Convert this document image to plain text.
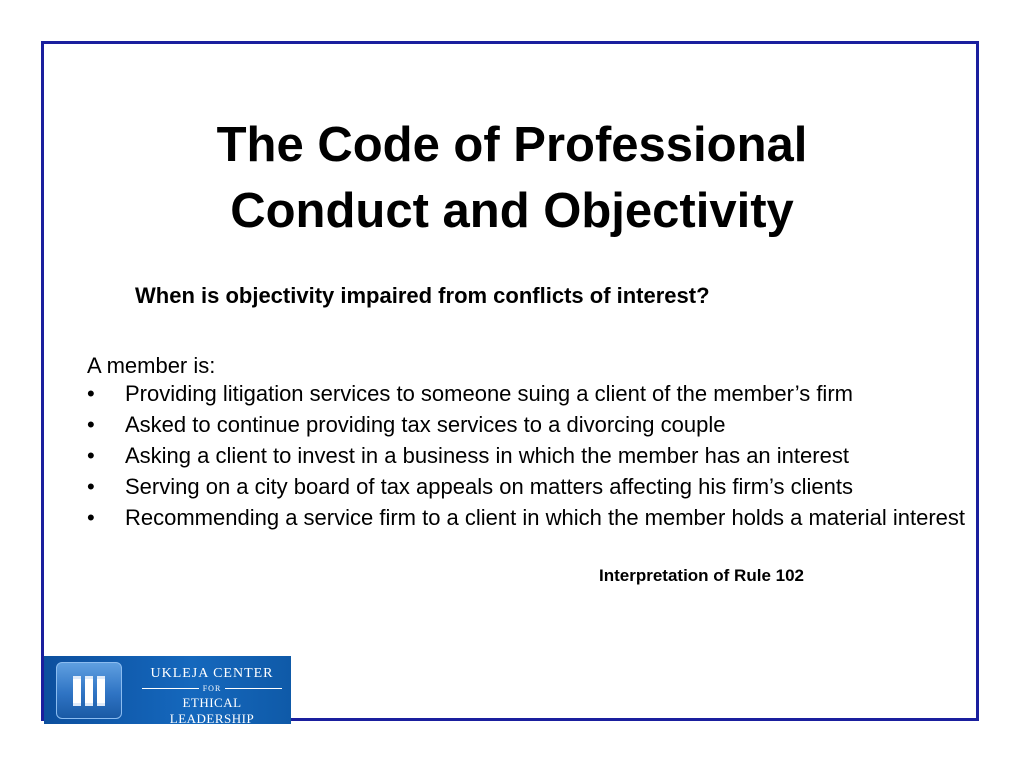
The Code of Professional
Conduct and Objectivity

When is objectivity impaired from conflicts of interest?

A member is:

•	Providing litigation services to someone suing a client of the member’s firm
•	Asked to continue providing tax services to a divorcing couple
•	Asking a client to invest in a business in which the member has an interest
•	Serving on a city board of tax appeals on matters affecting his firm’s clients
•	Recommending a service firm to a client in which the member holds a material interest

Interpretation of Rule 102

UKLEJA CENTER
FOR
ETHICAL LEADERSHIP
